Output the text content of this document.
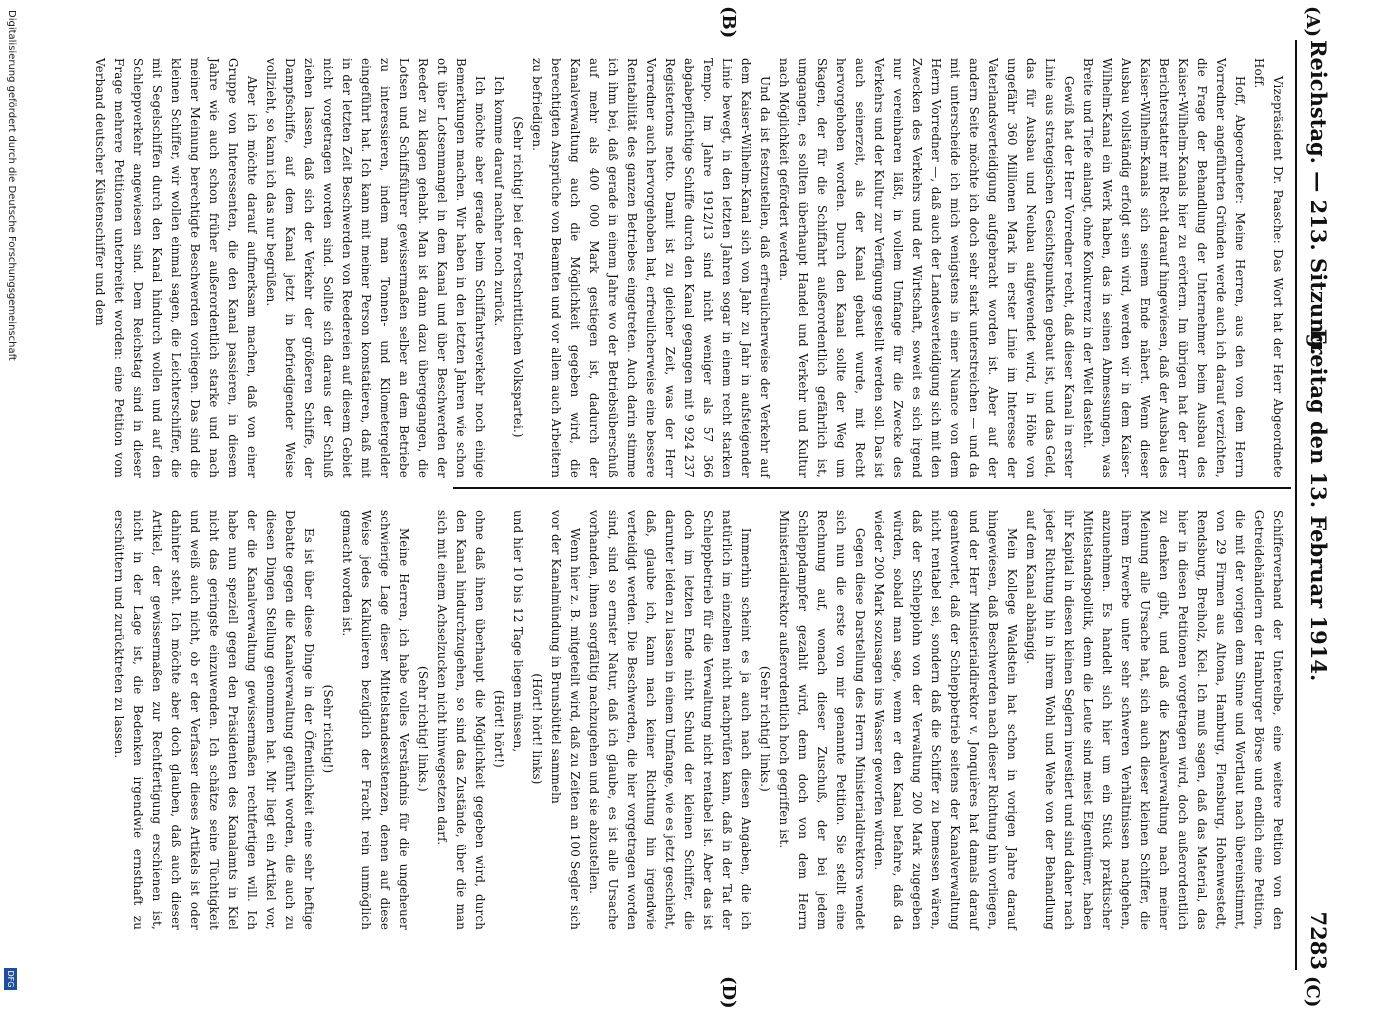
Reichstag. — 213. Sitzung.
Freitag den 13. Februar 1914.
7283
(A)
(B)
(C)
(D)

Vizepräsident Dr. Paasche: Das Wort hat der Herr Abgeordnete Hoff.

Hoff, Abgeordneter: Meine Herren, aus den von dem Herrn Vorredner angeführten Gründen werde auch ich darauf verzichten, die Frage der Behandlung der Unternehmer beim Ausbau des Kaiser-Wilhelm-Kanals hier zu erörtern. Im übrigen hat der Herr Berichterstatter mit Recht darauf hingewiesen, daß der Ausbau des Kaiser-Wilhelm-Kanals sich seinem Ende nähert. Wenn dieser Ausbau vollständig erfolgt sein wird, werden wir in dem Kaiser-Wilhelm-Kanal ein Werk haben, das in seinen Abmessungen, was Breite und Tiefe anlangt, ohne Konkurrenz in der Welt dasteht.

Gewiß hat der Herr Vorredner recht, daß dieser Kanal in erster Linie aus strategischen Gesichtspunkten gebaut ist, und das Geld, das für Ausbau und Neubau aufgewendet wird, in Höhe von ungefähr 360 Millionen Mark in erster Linie im Interesse der Vaterlandsverteidigung aufgebracht worden ist. Aber auf der andern Seite möchte ich doch sehr stark unterstreichen — und da mit unterscheide ich mich wenigstens in einer Nuance von dem Herrn Vorredner —, daß auch der Landesverteidigung sich mit den Zwecken des Verkehrs und der Wirtschaft, soweit es sich irgend nur vereinbaren läßt, in vollem Umfange für die Zwecke des Verkehrs und der Kultur zur Verfügung gestellt werden soll. Das ist auch seinerzeit, als der Kanal gebaut wurde, mit Recht hervorgehoben worden. Durch den Kanal sollte der Weg um Skagen, der für die Schiffahrt außerordentlich gefährlich ist, umgangen, es sollten überhaupt Handel und Verkehr und Kultur nach Möglichkeit gefördert werden.

Und da ist festzustellen, daß erfreulicherweise der Verkehr auf dem Kaiser-Wilhelm-Kanal sich von Jahr zu Jahr in aufsteigender Linie bewegt, in den letzten Jahren sogar in einem recht starken Tempo. Im Jahre 1912/13 sind nicht weniger als 57 366 abgabepflichtige Schiffe durch den Kanal gegangen mit 9 924 237 Registertons netto. Damit ist zu gleicher Zeit, was der Herr Vorredner auch hervorgehoben hat, erfreulicherweise eine bessere Rentabilität des ganzen Betriebes eingetreten. Auch darin stimme ich ihm bei, daß gerade in einem Jahre wo der Betriebsüberschuß auf mehr als 400 000 Mark gestiegen ist, dadurch der Kanalverwaltung auch die Möglichkeit gegeben wird, die berechtigten Ansprüche von Beamten und vor allem auch Arbeitern zu befriedigen.

(Sehr richtig! bei der Fortschrittlichen Volkspartei.)

Ich komme darauf nachher noch zurück.

Ich möchte aber gerade beim Schiffahrtsverkehr noch einige Bemerkungen machen. Wir haben in den letzten Jahren wie schon oft über Lotsenmangel in dem Kanal und über Beschwerden der Reeder zu klagen gehabt. Man ist dann dazu übergegangen, die Lotsen und Schiffsführer gewissermaßen selber an dem Betriebe zu interessieren, indem man Tonnen- und Kilometergelder eingeführt hat. Ich kann mit meiner Person konstatieren, daß mit in der letzten Zeit Beschwerden von Reedereien auf diesem Gebiet nicht vorgetragen worden sind. Sollte sich daraus der Schluß ziehen lassen, daß sich der Verkehr der größeren Schiffe, der Dampfschiffe, auf dem Kanal jetzt in befriedigender Weise vollzieht, so kann ich das nur begrüßen.

Aber ich möchte darauf aufmerksam machen, daß von einer Gruppe von Interessenten, die den Kanal passieren, in diesem Jahre wie auch schon früher außerordentlich starke und nach meiner Meinung berechtigte Beschwerden vorliegen. Das sind die kleinen Schiffer, wir wollen einmal sagen, die Leichterschiffer, die mit Segelschiffen durch den Kanal hindurch wollen und auf den Schleppverkehr angewiesen sind. Dem Reichstag sind in dieser Frage mehrere Petitionen unterbreitet worden: eine Petition vom Verband deutscher Küstenschiffer und dem

Schifferverband der Unterelbe, eine weitere Petition von den Getreidehändlern der Hamburger Börse und endlich eine Petition, die mit der vorigen dem Sinne und Wortlaut nach übereinstimmt, von 29 Firmen aus Altona, Hamburg, Flensburg, Hohenwestedt, Rendsburg, Breiholz, Kiel. Ich muß sagen, daß das Material, das hier in diesen Petitionen vorgetragen wird, doch außerordentlich zu denken gibt, und daß die Kanalverwaltung nach meiner Meinung alle Ursache hat, sich auch dieser kleinen Schiffer, die ihrem Erwerbe unter sehr schweren Verhältnissen nachgehen, anzunehmen. Es handelt sich hier um ein Stück praktischer Mittelstandspolitik, denn die Leute sind meist Eigentümer, haben ihr Kapital in diesen kleinen Seglern investiert und sind daher nach jeder Richtung hin in ihrem Wohl und Wehe von der Behandlung auf dem Kanal abhängig.

Mein Kollege Waldstein hat schon in vorigen Jahre darauf hingewiesen, daß Beschwerden nach dieser Richtung hin vorliegen, und der Herr Ministerialdirektor v. Jonquières hat damals darauf geantwortet, daß der Schleppbetrieb seitens der Kanalverwaltung nicht rentabel sei, sondern daß die Schiffer zu bemessen wären, daß der Schlepplohn von der Verwaltung 200 Mark zugegeben würden, sobald man sage, wenn er den Kanal befahre, daß da wieder 200 Mark sozusagen ins Wasser geworfen würden.

Gegen diese Darstellung des Herrn Ministerialdirektors wendet sich nun die erste von mir genannte Petition. Sie stellt eine Rechnung auf, wonach dieser Zuschuß, der bei jedem Schleppdampfer gezahlt wird, denn doch von dem Herrn Ministerialdirektor außerordentlich hoch gegriffen ist.

(Sehr richtig! links.)

Immerhin scheint es ja auch nach diesen Angaben, die ich natürlich im einzelnen nicht nachprüfen kann, daß in der Tat der Schleppbetrieb für die Verwaltung nicht rentabel ist. Aber das ist doch im letzten Ende nicht Schuld der kleinen Schiffer, die darunter leiden zu lassen in einem Umfange, wie es jetzt geschieht, daß, glaube ich, kann nach keiner Richtung hin irgendwie verteidigt werden. Die Beschwerden, die hier vorgetragen worden sind, sind so ernster Natur, daß ich glaube, es ist alle Ursache vorhanden, ihnen sorgfältig nachzugehen und sie abzustellen.

Wenn hier z. B. mitgeteilt wird, daß zu Zeiten an 100 Segler sich vor der Kanalmündung in Brunsbüttel sammeln

(Hört! hört! links)

und hier 10 bis 12 Tage liegen müssen,

(Hört! hört!)

ohne daß ihnen überhaupt die Möglichkeit gegeben wird, durch den Kanal hindurchzugehen, so sind das Zustände, über die man sich mit einem Achselzucken nicht hinwegsetzen darf.

(Sehr richtig! links.)

Meine Herren, ich habe volles Verständnis für die ungeheuer schwierige Lage dieser Mittelstandsexistenzen, denen auf diese Weise jedes Kalkulieren bezüglich der Fracht rein unmöglich gemacht worden ist.

(Sehr richtig!)

Es ist über diese Dinge in der Öffentlichkeit eine sehr heftige Debatte gegen die Kanalverwaltung geführt worden, die auch zu diesen Dingen Stellung genommen hat. Mir liegt ein Artikel vor, der die Kanalverwaltung gewissermaßen rechtfertigen will. Ich habe nun speziell gegen den Präsidenten des Kanalamts in Kiel nicht das geringste einzuwenden. Ich schätze seine Tüchtigkeit und weiß auch nicht, ob er der Verfasser dieses Artikels ist oder dahinter steht. Ich möchte aber doch glauben, daß auch dieser Artikel, der gewissermaßen zur Rechtfertigung erschienen ist, nicht in der Lage ist, die Bedenken irgendwie ernsthaft zu erschüttern und zurücktreten zu lassen.

Digitalisierung gefördert durch die Deutsche Forschungsgemeinschaft
DFG
